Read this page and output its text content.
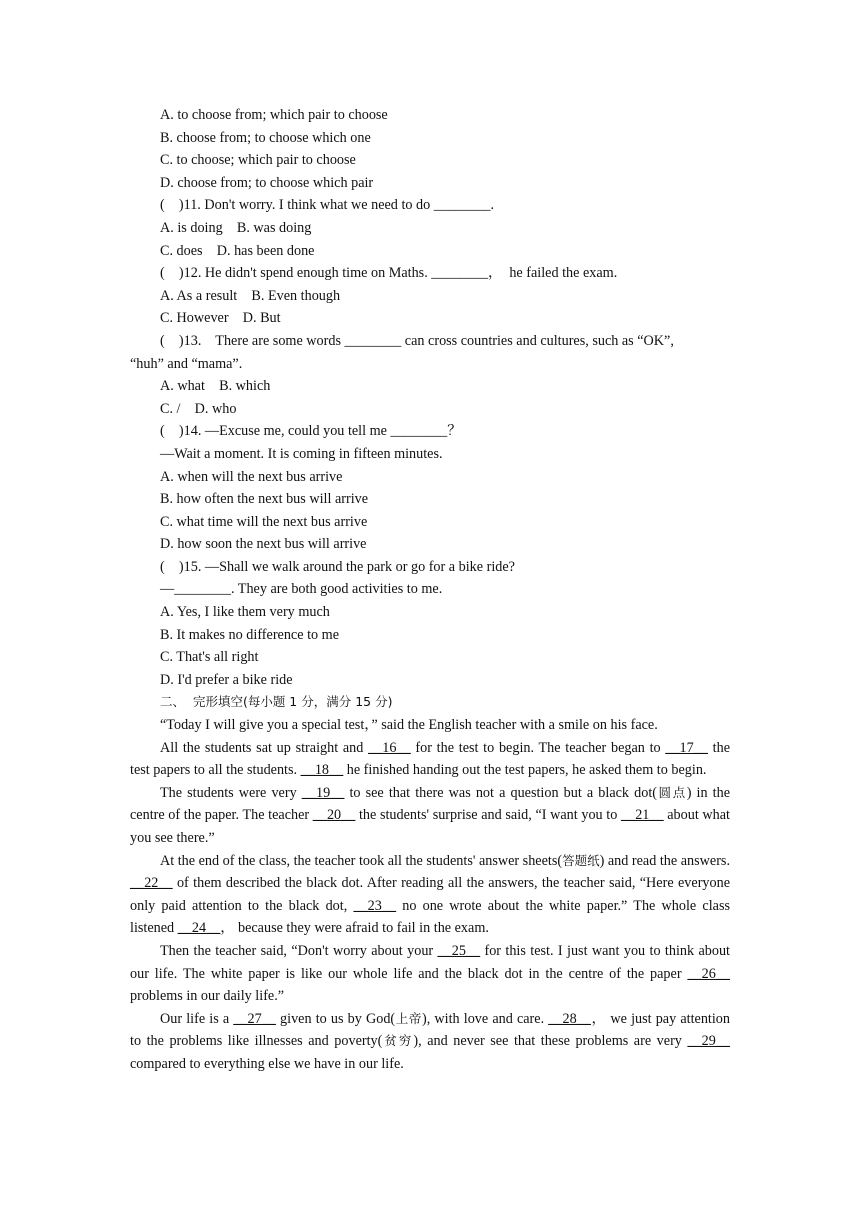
A. to choose from; which pair to choose
B. choose from; to choose which one
C. to choose; which pair to choose
D. choose from; to choose which pair
(    )11. Don't worry. I think what we need to do ________.
A. is doing    B. was doing
C. does    D. has been done
(    )12. He didn't spend enough time on Maths. ________，  he failed the exam.
A. As a result    B. Even though
C. However    D. But
(    )13.    There are some words ________ can cross countries and cultures, such as “OK”,
“huh” and “mama”.
A. what    B. which
C. /    D. who
(    )14. —Excuse me, could you tell me ________？
—Wait a moment. It is coming in fifteen minutes.
A. when will the next bus arrive
B. how often the next bus will arrive
C. what time will the next bus arrive
D. how soon the next bus will arrive
(    )15. —Shall we walk around the park or go for a bike ride?
—________. They are both good activities to me.
A. Yes, I like them very much
B. It makes no difference to me
C. That's all right
D. I'd prefer a bike ride
二、  完形填空(每小题 1 分，满分 15 分)
“Today I will give you a special test，” said the English teacher with a smile on his face.
All the students sat up straight and __16__ for the test to begin. The teacher began to __17__ the test papers to all the students. __18__ he finished handing out the test papers, he asked them to begin.
The students were very __19__ to see that there was not a question but a black dot(圆点) in the centre of the paper. The teacher __20__ the students' surprise and said, “I want you to __21__ about what you see there.”
At the end of the class, the teacher took all the students' answer sheets(答题纸) and read the answers. __22__ of them described the black dot. After reading all the answers, the teacher said, “Here everyone only paid attention to the black dot, __23__ no one wrote about the white paper.” The whole class listened __24__， because they were afraid to fail in the exam.
Then the teacher said, “Don't worry about your __25__ for this test. I just want you to think about our life. The white paper is like our whole life and the black dot in the centre of the paper __26__ problems in our daily life.”
Our life is a __27__ given to us by God(上帝), with love and care. __28__， we just pay attention to the problems like illnesses and poverty(贫穷), and never see that these problems are very __29__ compared to everything else we have in our life.
